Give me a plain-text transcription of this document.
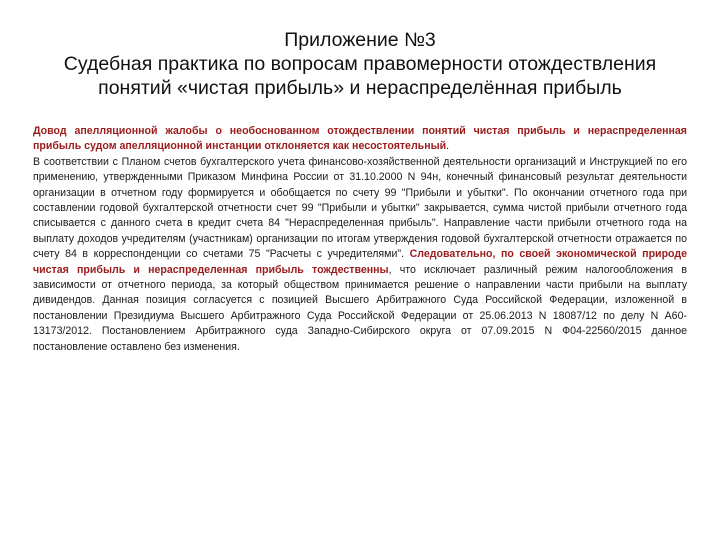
Приложение №3
Судебная практика по вопросам правомерности отождествления
понятий «чистая прибыль» и нераспределённая прибыль

Довод апелляционной жалобы о необоснованном отождествлении понятий чистая прибыль и нераспределенная прибыль судом апелляционной инстанции отклоняется как несостоятельный.

В соответствии с Планом счетов бухгалтерского учета финансово-хозяйственной деятельности организаций и Инструкцией по его применению, утвержденными Приказом Минфина России от 31.10.2000 N 94н, конечный финансовый результат деятельности организации в отчетном году формируется и обобщается по счету 99 "Прибыли и убытки". По окончании отчетного года при составлении годовой бухгалтерской отчетности счет 99 "Прибыли и убытки" закрывается, сумма чистой прибыли отчетного года списывается с данного счета в кредит счета 84 "Нераспределенная прибыль". Направление части прибыли отчетного года на выплату доходов учредителям (участникам) организации по итогам утверждения годовой бухгалтерской отчетности отражается по счету 84 в корреспонденции со счетами 75 "Расчеты с учредителями". Следовательно, по своей экономической природе чистая прибыль и нераспределенная прибыль тождественны, что исключает различный режим налогообложения в зависимости от отчетного периода, за который обществом принимается решение о направлении части прибыли на выплату дивидендов. Данная позиция согласуется с позицией Высшего Арбитражного Суда Российской Федерации, изложенной в постановлении Президиума Высшего Арбитражного Суда Российской Федерации от 25.06.2013 N 18087/12 по делу N А60-13173/2012. Постановлением Арбитражного суда Западно-Сибирского округа от 07.09.2015 N Ф04-22560/2015 данное постановление оставлено без изменения.
